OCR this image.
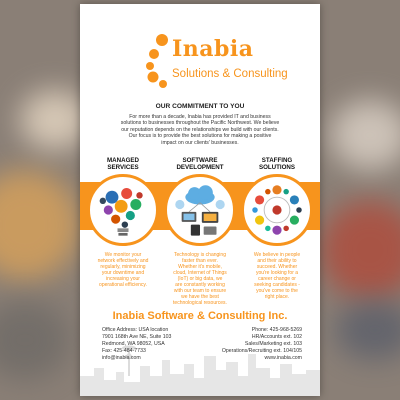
Inabia
Solutions & Consulting
OUR COMMITMENT TO YOU
For more than a decade, Inabia has provided IT and business
solutions to businesses throughout the Pacific Northwest. We believe
our reputation depends on the relationships we build with our clients.
Our focus is to provide the best solutions for making a positive
impact on our clients' businesses.
MANAGED
SERVICES
SOFTWARE
DEVELOPMENT
STAFFING
SOLUTIONS
We monitor your
network effectively and
regularly, minimizing
your downtime and
increasing your
operational efficiency.
Technology is changing
faster than ever.
Whether it's mobile,
cloud, Internet of Things
(IoT) or big data, we
are constantly working
with our team to ensure
we have the best
technological resources.
We believe in people
and their ability to
succeed. Whether
you're looking for a
career change or
seeking candidates -
you've come to the
right place.
Inabia Software & Consulting Inc.
Office Address: USA location
7901 168th Ave NE, Suite 103
Redmond, WA 98052, USA
Fax: 425-484-7733
info@inabia.com
Phone: 425-968-5269
HR/Accounts ext. 102
Sales/Marketing ext. 103
Operations/Recruiting ext. 104/105
www.inabia.com
